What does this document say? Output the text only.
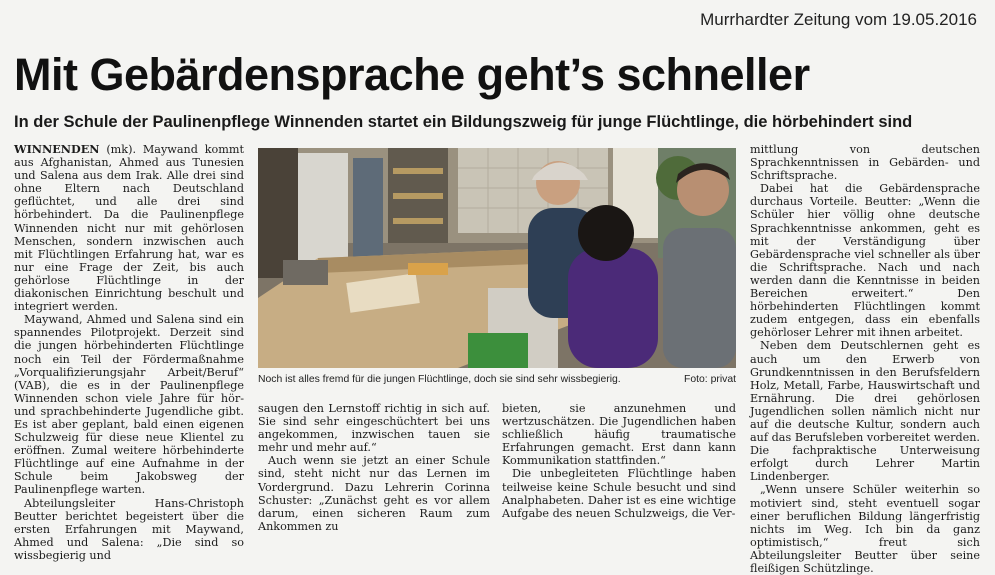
Murrhardter Zeitung vom 19.05.2016
Mit Gebärdensprache geht’s schneller
In der Schule der Paulinenpflege Winnenden startet ein Bildungszweig für junge Flüchtlinge, die hörbehindert sind

WINNENDEN (mk). Maywand kommt aus Afghanistan, Ahmed aus Tunesien und Salena aus dem Irak. Alle drei sind ohne Eltern nach Deutschland geflüchtet, und alle drei sind hörbehindert. Da die Paulinenpflege Winnenden nicht nur mit gehörlosen Menschen, sondern inzwischen auch mit Flüchtlingen Erfahrung hat, war es nur eine Frage der Zeit, bis auch gehörlose Flüchtlinge in der diakonischen Einrichtung beschult und integriert werden.

Maywand, Ahmed und Salena sind ein spannendes Pilotprojekt. Derzeit sind die jungen hörbehinderten Flüchtlinge noch ein Teil der Fördermaßnahme „Vorqualifizierungsjahr Arbeit/Beruf“ (VAB), die es in der Paulinenpflege Winnenden schon viele Jahre für hör- und sprachbehinderte Jugendliche gibt. Es ist aber geplant, bald einen eigenen Schulzweig für diese neue Klientel zu eröffnen. Zumal weitere hörbehinderte Flüchtlinge auf eine Aufnahme in der Schule beim Jakobsweg der Paulinenpflege warten.

Abteilungsleiter Hans-Christoph Beutter berichtet begeistert über die ersten Erfahrungen mit Maywand, Ahmed und Salena: „Die sind so wissbegierig und

Noch ist alles fremd für die jungen Flüchtlinge, doch sie sind sehr wissbegierig.	Foto: privat

saugen den Lernstoff richtig in sich auf. Sie sind sehr eingeschüchtert bei uns angekommen, inzwischen tauen sie mehr und mehr auf.“

Auch wenn sie jetzt an einer Schule sind, steht nicht nur das Lernen im Vordergrund. Dazu Lehrerin Corinna Schuster: „Zunächst geht es vor allem darum, einen sicheren Raum zum Ankommen zu

bieten, sie anzunehmen und wertzuschätzen. Die Jugendlichen haben schließlich häufig traumatische Erfahrungen gemacht. Erst dann kann Kommunikation stattfinden.“

Die unbegleiteten Flüchtlinge haben teilweise keine Schule besucht und sind Analphabeten. Daher ist es eine wichtige Aufgabe des neuen Schulzweigs, die Ver-

mittlung von deutschen Sprachkenntnissen in Gebärden- und Schriftsprache.

Dabei hat die Gebärdensprache durchaus Vorteile. Beutter: „Wenn die Schüler hier völlig ohne deutsche Sprachkenntnisse ankommen, geht es mit der Verständigung über Gebärdensprache viel schneller als über die Schriftsprache. Nach und nach werden dann die Kenntnisse in beiden Bereichen erweitert.“ Den hörbehinderten Flüchtlingen kommt zudem entgegen, dass ein ebenfalls gehörloser Lehrer mit ihnen arbeitet.

Neben dem Deutschlernen geht es auch um den Erwerb von Grundkenntnissen in den Berufsfeldern Holz, Metall, Farbe, Hauswirtschaft und Ernährung. Die drei gehörlosen Jugendlichen sollen nämlich nicht nur auf die deutsche Kultur, sondern auch auf das Berufsleben vorbereitet werden. Die fachpraktische Unterweisung erfolgt durch Lehrer Martin Lindenberger.

„Wenn unsere Schüler weiterhin so motiviert sind, steht eventuell sogar einer beruflichen Bildung längerfristig nichts im Weg. Ich bin da ganz optimistisch,“ freut sich Abteilungsleiter Beutter über seine fleißigen Schützlinge.
